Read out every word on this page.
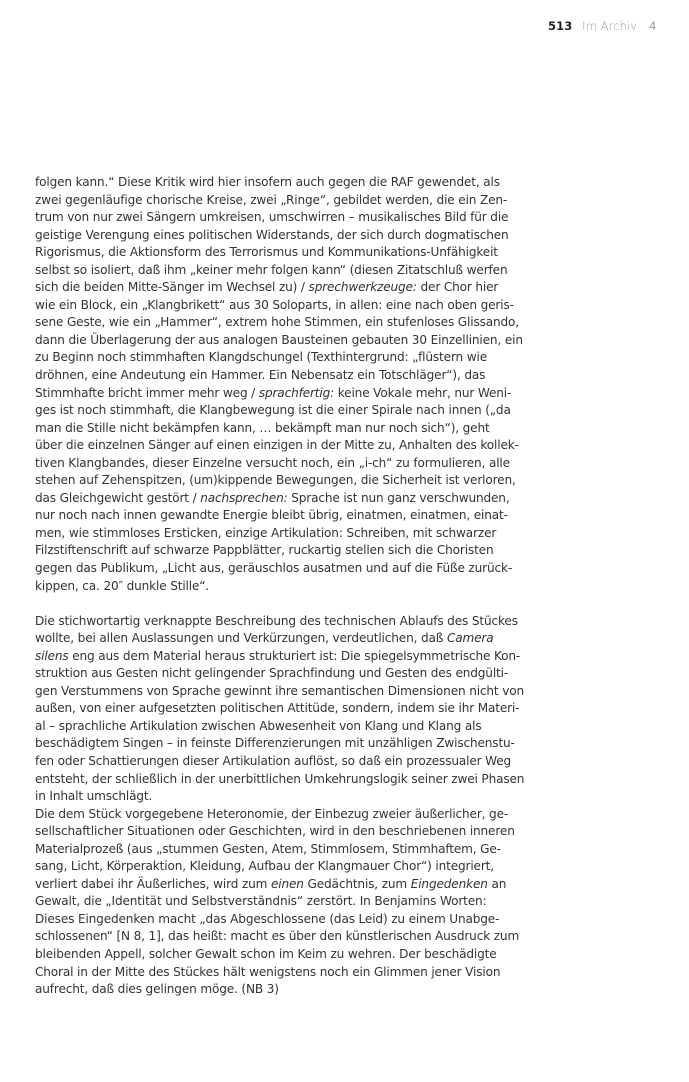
513 Im Archiv 4

folgen kann.“ Diese Kritik wird hier insofern auch gegen die RAF gewendet, als
zwei gegenläufige chorische Kreise, zwei „Ringe“, gebildet werden, die ein Zen-
trum von nur zwei Sängern umkreisen, umschwirren – musikalisches Bild für die
geistige Verengung eines politischen Widerstands, der sich durch dogmatischen
Rigorismus, die Aktionsform des Terrorismus und Kommunikations-Unfähigkeit
selbst so isoliert, daß ihm „keiner mehr folgen kann“ (diesen Zitatschluß werfen
sich die beiden Mitte-Sänger im Wechsel zu) / sprechwerkzeuge: der Chor hier
wie ein Block, ein „Klangbrikett“ aus 30 Soloparts, in allen: eine nach oben geris-
sene Geste, wie ein „Hammer“, extrem hohe Stimmen, ein stufenloses Glissando,
dann die Überlagerung der aus analogen Bausteinen gebauten 30 Einzellinien, ein
zu Beginn noch stimmhaften Klangdschungel (Texthintergrund: „flüstern wie
dröhnen, eine Andeutung ein Hammer. Ein Nebensatz ein Totschläger“), das
Stimmhafte bricht immer mehr weg / sprachfertig: keine Vokale mehr, nur Weni-
ges ist noch stimmhaft, die Klangbewegung ist die einer Spirale nach innen („da
man die Stille nicht bekämpfen kann, … bekämpft man nur noch sich“), geht
über die einzelnen Sänger auf einen einzigen in der Mitte zu, Anhalten des kollek-
tiven Klangbandes, dieser Einzelne versucht noch, ein „i-ch“ zu formulieren, alle
stehen auf Zehenspitzen, (um)kippende Bewegungen, die Sicherheit ist verloren,
das Gleichgewicht gestört / nachsprechen: Sprache ist nun ganz verschwunden,
nur noch nach innen gewandte Energie bleibt übrig, einatmen, einatmen, einat-
men, wie stimmloses Ersticken, einzige Artikulation: Schreiben, mit schwarzer
Filzstiftenschrift auf schwarze Pappblätter, ruckartig stellen sich die Choristen
gegen das Publikum, „Licht aus, geräuschlos ausatmen und auf die Füße zurück-
kippen, ca. 20″ dunkle Stille“.

Die stichwortartig verknappte Beschreibung des technischen Ablaufs des Stückes
wollte, bei allen Auslassungen und Verkürzungen, verdeutlichen, daß Camera
silens eng aus dem Material heraus strukturiert ist: Die spiegelsymmetrische Kon-
struktion aus Gesten nicht gelingender Sprachfindung und Gesten des endgülti-
gen Verstummens von Sprache gewinnt ihre semantischen Dimensionen nicht von
außen, von einer aufgesetzten politischen Attitüde, sondern, indem sie ihr Materi-
al – sprachliche Artikulation zwischen Abwesenheit von Klang und Klang als
beschädigtem Singen – in feinste Differenzierungen mit unzähligen Zwischenstu-
fen oder Schattierungen dieser Artikulation auflöst, so daß ein prozessualer Weg
entsteht, der schließlich in der unerbittlichen Umkehrungslogik seiner zwei Phasen
in Inhalt umschlägt.

Die dem Stück vorgegebene Heteronomie, der Einbezug zweier äußerlicher, ge-
sellschaftlicher Situationen oder Geschichten, wird in den beschriebenen inneren
Materialprozeß (aus „stummen Gesten, Atem, Stimmlosem, Stimmhaftem, Ge-
sang, Licht, Körperaktion, Kleidung, Aufbau der Klangmauer Chor“) integriert,
verliert dabei ihr Äußerliches, wird zum einen Gedächtnis, zum Eingedenken an
Gewalt, die „Identität und Selbstverständnis“ zerstört. In Benjamins Worten:
Dieses Eingedenken macht „das Abgeschlossene (das Leid) zu einem Unabge-
schlossenen“ [N 8, 1], das heißt: macht es über den künstlerischen Ausdruck zum
bleibenden Appell, solcher Gewalt schon im Keim zu wehren. Der beschädigte
Choral in der Mitte des Stückes hält wenigstens noch ein Glimmen jener Vision
aufrecht, daß dies gelingen möge. (NB 3)
